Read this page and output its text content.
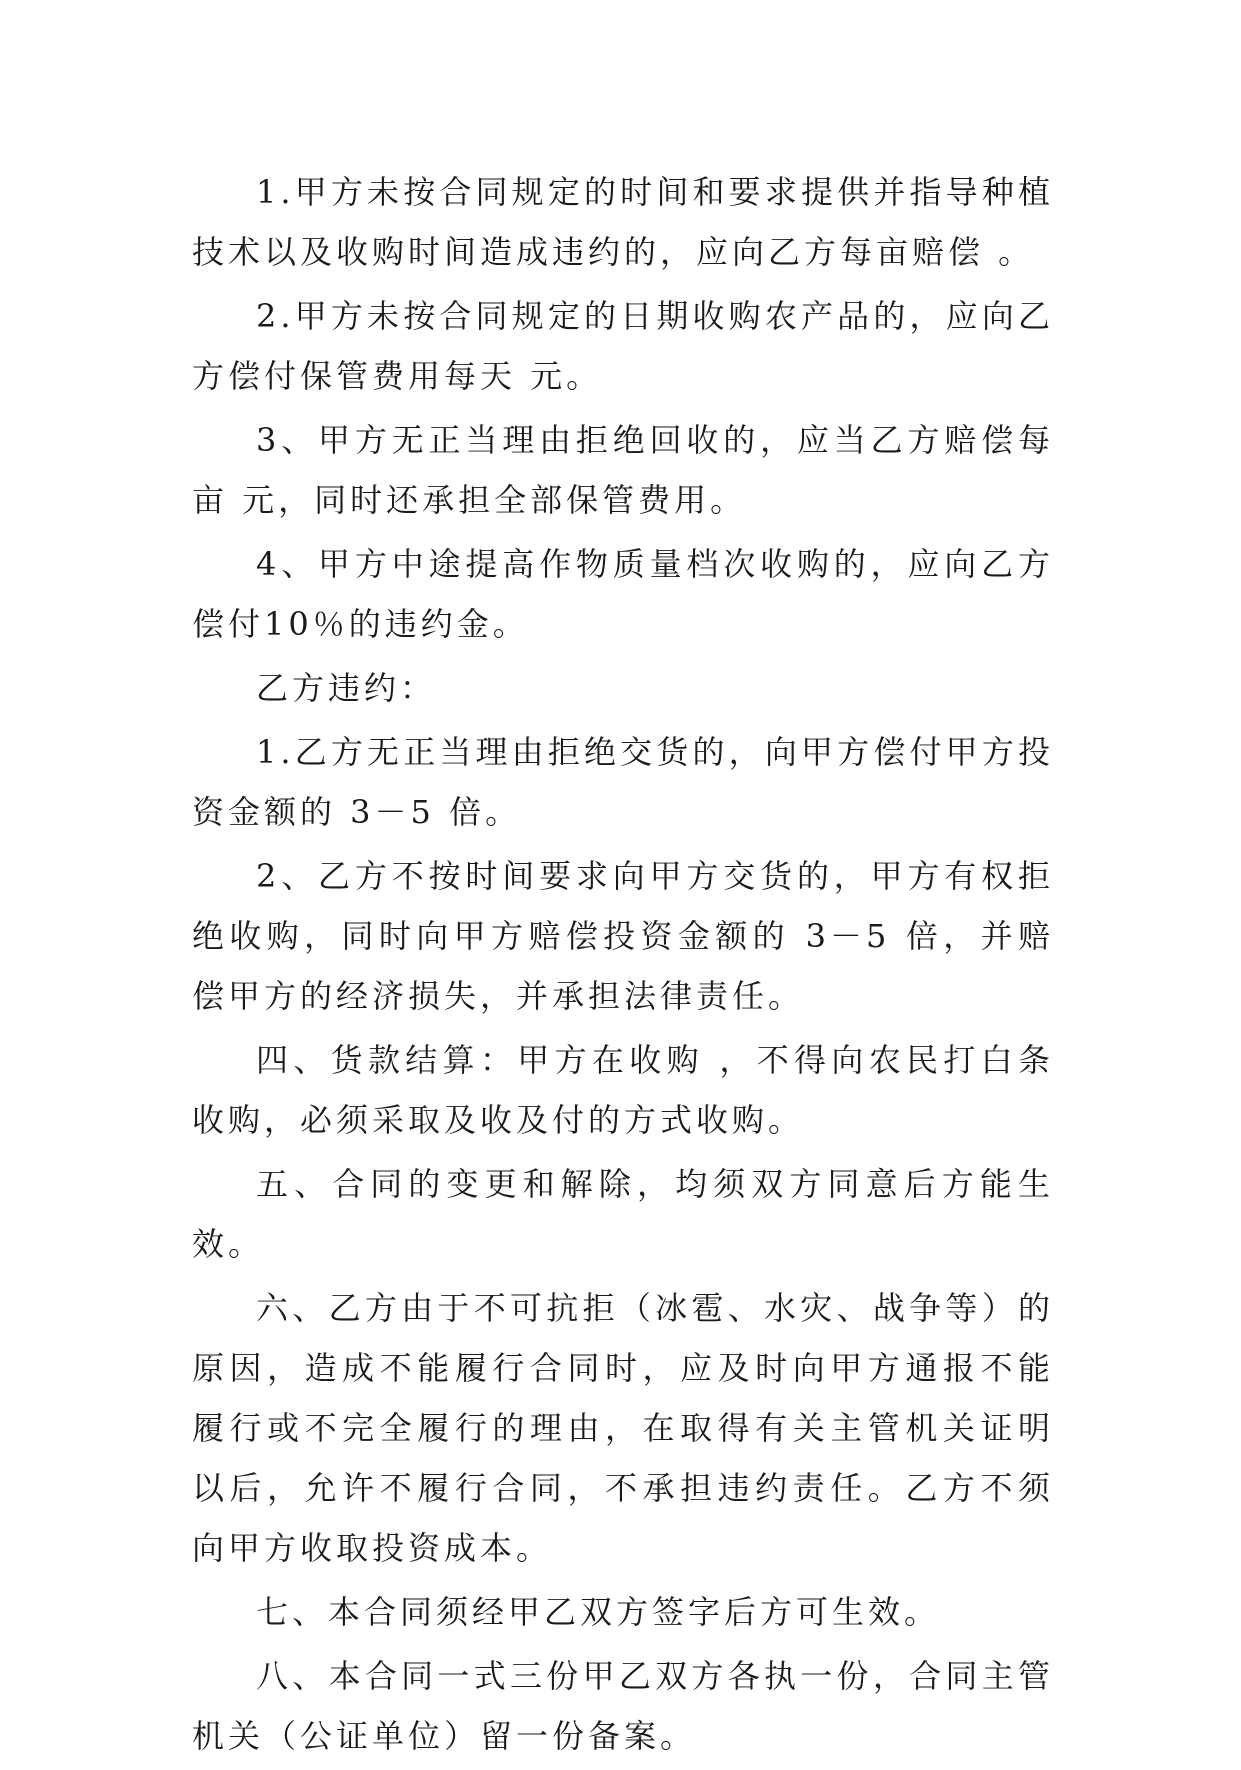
1.甲方未按合同规定的时间和要求提供并指导种植技术以及收购时间造成违约的，应向乙方每亩赔偿 。

2.甲方未按合同规定的日期收购农产品的，应向乙方偿付保管费用每天 元。

3、甲方无正当理由拒绝回收的，应当乙方赔偿每亩 元，同时还承担全部保管费用。

4、甲方中途提高作物质量档次收购的，应向乙方偿付10％的违约金。

乙方违约：

1.乙方无正当理由拒绝交货的，向甲方偿付甲方投资金额的 3－5 倍。

2、乙方不按时间要求向甲方交货的，甲方有权拒绝收购，同时向甲方赔偿投资金额的 3－5 倍，并赔偿甲方的经济损失，并承担法律责任。

四、货款结算：甲方在收购 ，不得向农民打白条收购，必须采取及收及付的方式收购。

五、合同的变更和解除，均须双方同意后方能生效。

六、乙方由于不可抗拒（冰雹、水灾、战争等）的原因，造成不能履行合同时，应及时向甲方通报不能履行或不完全履行的理由，在取得有关主管机关证明以后，允许不履行合同，不承担违约责任。乙方不须向甲方收取投资成本。

七、本合同须经甲乙双方签字后方可生效。

八、本合同一式三份甲乙双方各执一份，合同主管机关（公证单位）留一份备案。
